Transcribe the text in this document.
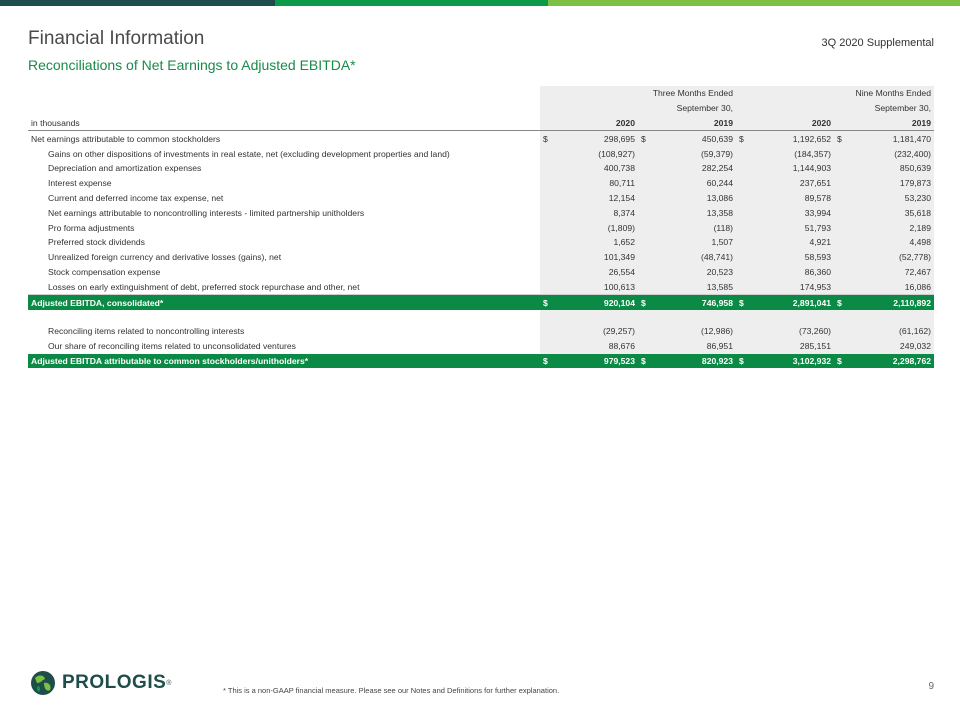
Financial Information
Reconciliations of Net Earnings to Adjusted EBITDA*
3Q 2020 Supplemental
	Three Months Ended				Nine Months Ended			
	September 30,				September 30,			
in thousands	2020		2019		2020		2019	
Net earnings attributable to common stockholders	$	298,695	$	450,639	$	1,192,652	$	1,181,470
Gains on other dispositions of investments in real estate, net (excluding development properties and land)		(108,927)		(59,379)		(184,357)		(232,400)
Depreciation and amortization expenses		400,738		282,254		1,144,903		850,639
Interest expense		80,711		60,244		237,651		179,873
Current and deferred income tax expense, net		12,154		13,086		89,578		53,230
Net earnings attributable to noncontrolling interests - limited partnership unitholders		8,374		13,358		33,994		35,618
Pro forma adjustments		(1,809)		(118)		51,793		2,189
Preferred stock dividends		1,652		1,507		4,921		4,498
Unrealized foreign currency and derivative losses (gains), net		101,349		(48,741)		58,593		(52,778)
Stock compensation expense		26,554		20,523		86,360		72,467
Losses on early extinguishment of debt, preferred stock repurchase and other, net		100,613		13,585		174,953		16,086
Adjusted EBITDA, consolidated*	$	920,104	$	746,958	$	2,891,041	$	2,110,892

Reconciling items related to noncontrolling interests		(29,257)		(12,986)		(73,260)		(61,162)
Our share of reconciling items related to unconsolidated ventures		88,676		86,951		285,151		249,032
Adjusted EBITDA attributable to common stockholders/unitholders*	$	979,523	$	820,923	$	3,102,932	$	2,298,762
PROLOGIS ®
* This is a non-GAAP financial measure. Please see our Notes and Definitions for further explanation.	9
